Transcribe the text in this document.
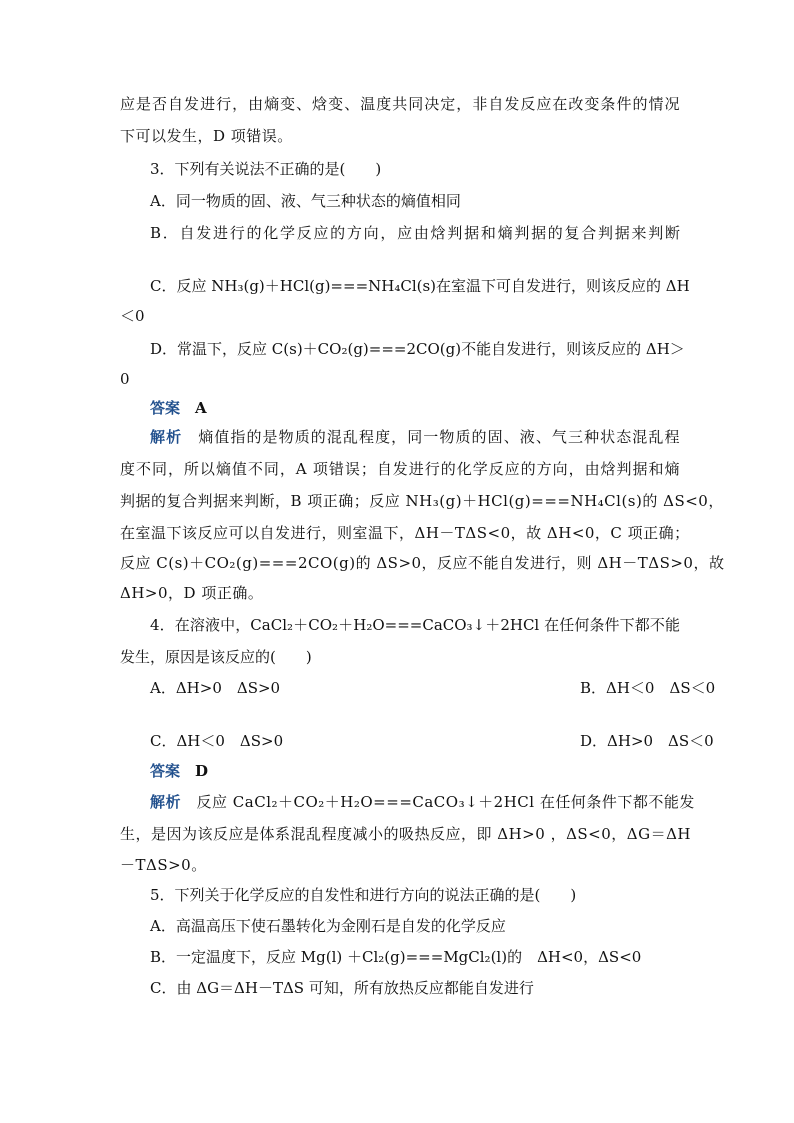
应是否自发进行，由熵变、焓变、温度共同决定，非自发反应在改变条件的情况
下可以发生，D 项错误。
3．下列有关说法不正确的是(　　)
A．同一物质的固、液、气三种状态的熵值相同
B．自发进行的化学反应的方向，应由焓判据和熵判据的复合判据来判断
C．反应 NH₃(g)＋HCl(g)===NH₄Cl(s)在室温下可自发进行，则该反应的 ΔH
＜0
D．常温下，反应 C(s)＋CO₂(g)===2CO(g)不能自发进行，则该反应的 ΔH＞
0
答案　 A
解析　 熵值指的是物质的混乱程度，同一物质的固、液、气三种状态混乱程
度不同，所以熵值不同，A 项错误；自发进行的化学反应的方向，由焓判据和熵
判据的复合判据来判断，B 项正确；反应 NH₃(g)＋HCl(g)===NH₄Cl(s)的 ΔS<0，
在室温下该反应可以自发进行，则室温下，ΔH－TΔS<0，故 ΔH<0，C 项正确；
反应 C(s)＋CO₂(g)===2CO(g)的 ΔS>0，反应不能自发进行，则 ΔH－TΔS>0，故
ΔH>0，D 项正确。
4．在溶液中，CaCl₂＋CO₂＋H₂O===CaCO₃↓＋2HCl 在任何条件下都不能
发生，原因是该反应的(　　)
A．ΔH>0　ΔS>0	B．ΔH＜0　ΔS＜0
C．ΔH＜0　ΔS>0	D．ΔH>0　ΔS＜0
答案　 D
解析　 反应 CaCl₂＋CO₂＋H₂O===CaCO₃↓＋2HCl 在任何条件下都不能发
生，是因为该反应是体系混乱程度减小的吸热反应，即 ΔH>0 ，ΔS<0，ΔG＝ΔH
－TΔS>0。
5．下列关于化学反应的自发性和进行方向的说法正确的是(　　)
A．高温高压下使石墨转化为金刚石是自发的化学反应
B．一定温度下，反应 Mg(l) ＋Cl₂(g)===MgCl₂(l)的　ΔH<0，ΔS<0
C．由 ΔG＝ΔH－TΔS 可知，所有放热反应都能自发进行
